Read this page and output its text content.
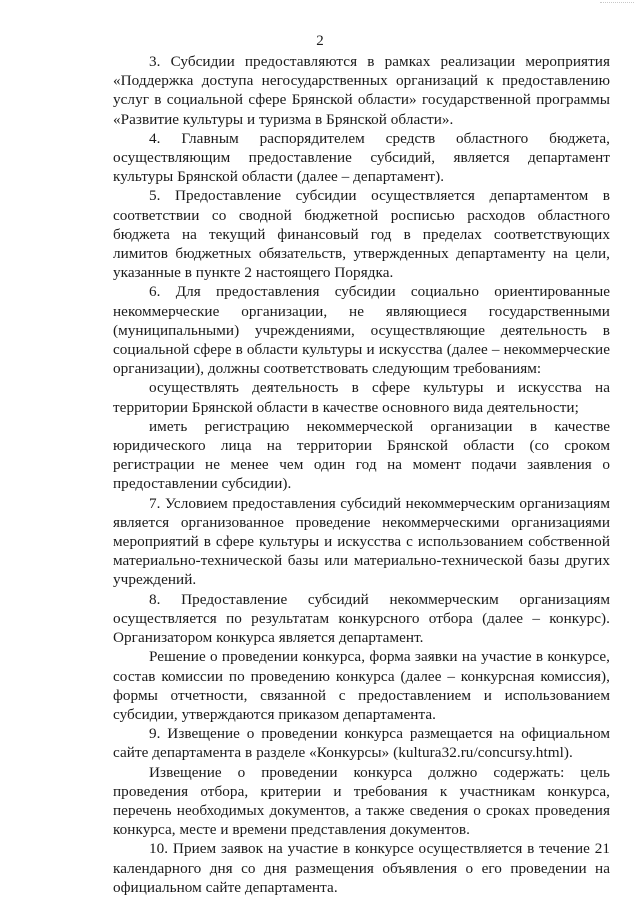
2

3. Субсидии предоставляются в рамках реализации мероприятия «Поддержка доступа негосударственных организаций к предоставлению услуг в социальной сфере Брянской области» государственной программы «Развитие культуры и туризма в Брянской области».

4. Главным распорядителем средств областного бюджета, осуществляющим предоставление субсидий, является департамент культуры Брянской области (далее – департамент).

5. Предоставление субсидии осуществляется департаментом в соответствии со сводной бюджетной росписью расходов областного бюджета на текущий финансовый год в пределах соответствующих лимитов бюджетных обязательств, утвержденных департаменту на цели, указанные в пункте 2 настоящего Порядка.

6. Для предоставления субсидии социально ориентированные некоммерческие организации, не являющиеся государственными (муниципальными) учреждениями, осуществляющие деятельность в социальной сфере в области культуры и искусства (далее – некоммерческие организации), должны соответствовать следующим требованиям:

осуществлять деятельность в сфере культуры и искусства на территории Брянской области в качестве основного вида деятельности;

иметь регистрацию некоммерческой организации в качестве юридического лица на территории Брянской области (со сроком регистрации не менее чем один год на момент подачи заявления о предоставлении субсидии).

7. Условием предоставления субсидий некоммерческим организациям является организованное проведение некоммерческими организациями мероприятий в сфере культуры и искусства с использованием собственной материально-технической базы или материально-технической базы других учреждений.

8. Предоставление субсидий некоммерческим организациям осуществляется по результатам конкурсного отбора (далее – конкурс). Организатором конкурса является департамент.

Решение о проведении конкурса, форма заявки на участие в конкурсе, состав комиссии по проведению конкурса (далее – конкурсная комиссия), формы отчетности, связанной с предоставлением и использованием субсидии, утверждаются приказом департамента.

9. Извещение о проведении конкурса размещается на официальном сайте департамента в разделе «Конкурсы» (kultura32.ru/concursy.html).

Извещение о проведении конкурса должно содержать: цель проведения отбора, критерии и требования к участникам конкурса, перечень необходимых документов, а также сведения о сроках проведения конкурса, месте и времени представления документов.

10. Прием заявок на участие в конкурсе осуществляется в течение 21 календарного дня со дня размещения объявления о его проведении на официальном сайте департамента.
